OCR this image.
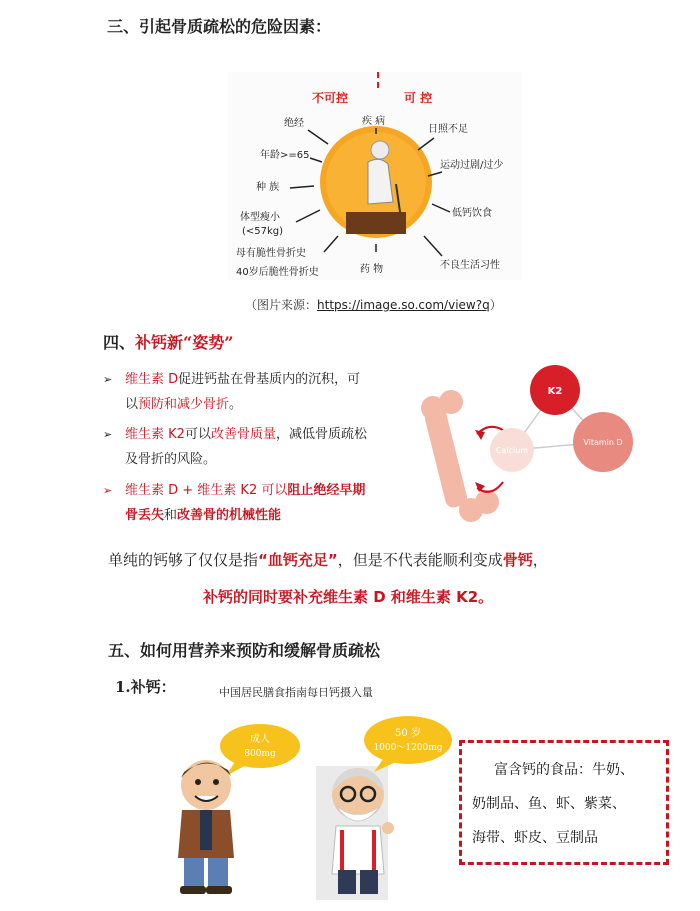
三、引起骨质疏松的危险因素：
不可控	可 控
绝经
年龄>=65
种 族
体型瘦小
(<57kg)
母有脆性骨折史
40岁后脆性骨折史
疾 病
日照不足
运动过剧/过少
低钙饮食
不良生活习性
药 物
（图片来源：https://image.so.com/view?q）
四、补钙新“姿势”
➢ 维生素 D促进钙盐在骨基质内的沉积，可
以预防和减少骨折。
➢ 维生素 K2可以改善骨质量，减低骨质疏松
及骨折的风险。
➢ 维生素 D + 维生素 K2 可以阻止绝经早期
骨丢失和改善骨的机械性能
K2
Calcium
Vitamin D
单纯的钙够了仅仅是指“血钙充足”，但是不代表能顺利变成骨钙，
补钙的同时要补充维生素 D 和维生素 K2。
五、如何用营养来预防和缓解骨质疏松
1.补钙：	中国居民膳食指南每日钙摄入量
成人
800mg
50 岁
1000～1200mg
富含钙的食品：牛奶、
奶制品、鱼、虾、紫菜、
海带、虾皮、豆制品
